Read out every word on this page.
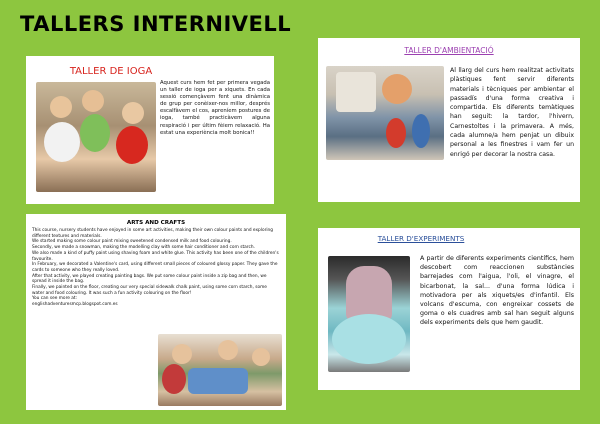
TALLERS INTERNIVELL
TALLER DE IOGA
Aquest curs hem fet per primera vegada un taller de ioga per a xiquets. En cada sessió començàvem fent una dinàmica de grup per conèixer-nos millor, després escalfàvem el cos, apreníem postures de ioga, també practicàvem alguna respiració i per últim fèiem relaxació. Ha estat una experiència molt bonica!!
TALLER D'AMBIENTACIÓ
Al llarg del curs hem realitzat activitats plàstiques fent servir diferents materials i tècniques per ambientar el passadís d'una forma creativa i compartida. Els diferents temàtiques han seguit: la tardor, l'hivern, Carnestoltes i la primavera. A més, cada alumne/a hem penjat un dibuix personal a les finestres i vam fer un enrigó per decorar la nostra casa.
ARTS AND CRAFTS
This course, nursery students have enjoyed in some art activities, making their own colour paints and exploring different textures and materials.
We started making some colour paint mixing sweetened condensed milk and food colouring.
Secondly, we made a snowman, making the modelling clay with some hair conditioner and corn starch.
We also made a kind of puffy paint using shaving foam and white glue. This activity has been one of the children's favourite.
In February, we decorated a Valentine's card, using different small pieces of coloured glossy paper. They gave the cards to someone who they really loved.
After that activity, we played creating painting bags. We put some colour paint inside a zip bag and then, we spread it inside the bag.
Finally, we painted on the floor, creating our very special sidewalk chalk paint, using some corn starch, some water and food colouring. It was such a fun activity colouring on the floor!
You can see more at:
englishadventuresmcp.blogspot.com.es
TALLER D'EXPERIMENTS
A partir de diferents experiments científics, hem descobert com reaccionen substàncies barrejades com l'aigua, l'oli, el vinagre, el bicarbonat, la sal... d'una forma lúdica i motivadora per als xiquets/es d'infantil. Els volcans d'escuma, con engreixar cossets de goma o els cuadres amb sal han seguit alguns dels experiments dels que hem gaudit.
